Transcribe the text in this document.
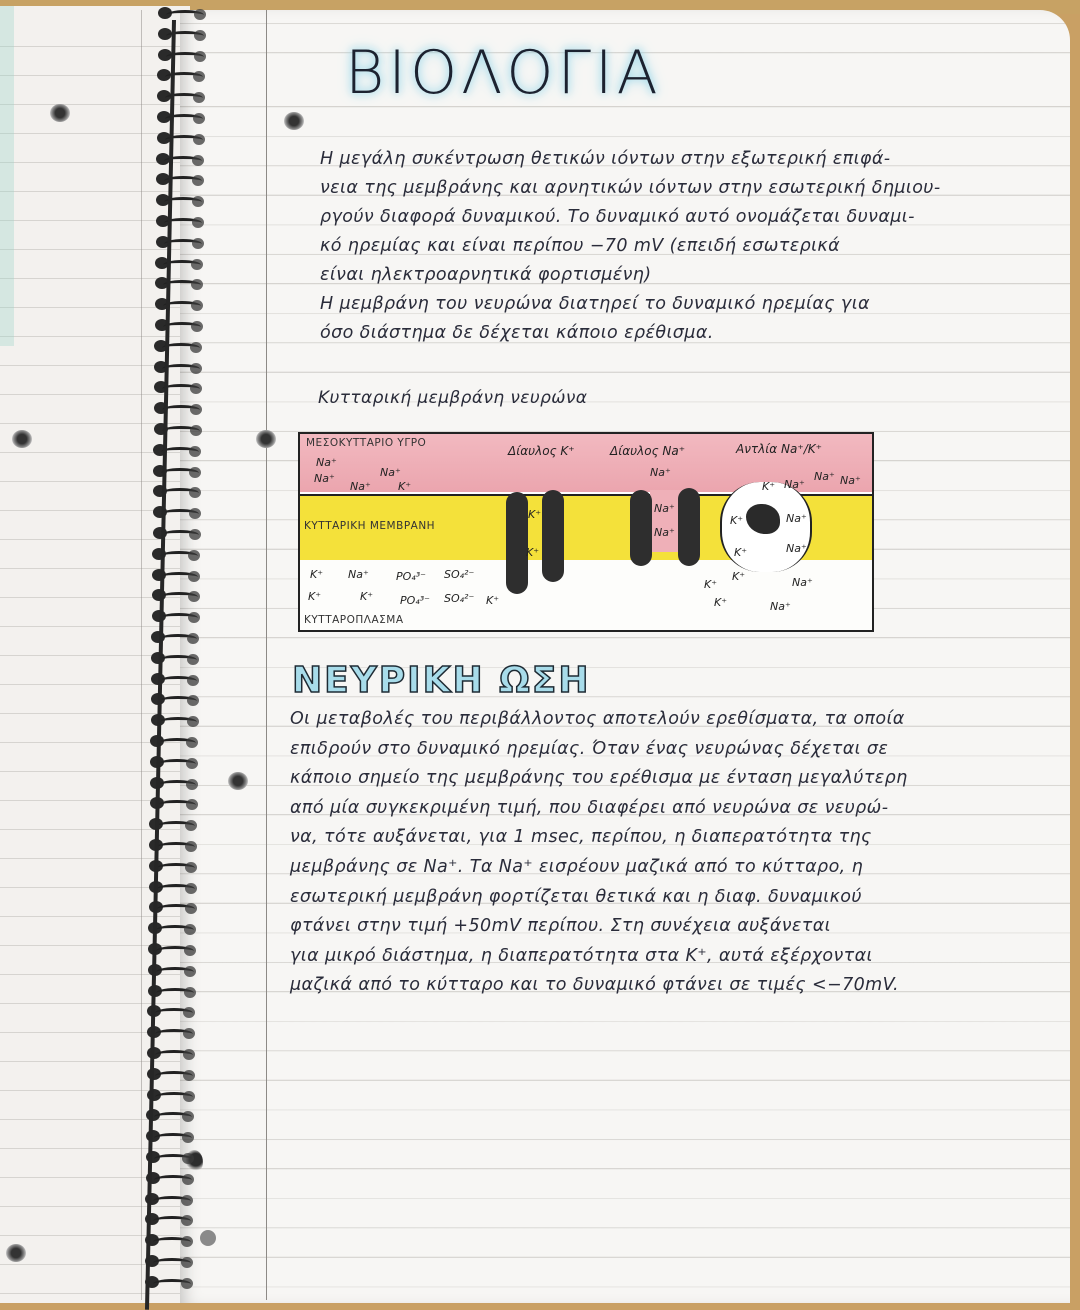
ΒΙΟΛΟΓΙΑ

Η μεγάλη συκέντρωση θετικών ιόντων στην εξωτερική επιφά-

νεια της μεμβράνης και αρνητικών ιόντων στην εσωτερική δημιου-

ργούν διαφορά δυναμικού. Το δυναμικό αυτό ονομάζεται δυναμι-

κό ηρεμίας και είναι περίπου −70 mV (επειδή εσωτερικά

είναι ηλεκτροαρνητικά φορτισμένη)

Η μεμβράνη του νευρώνα διατηρεί το δυναμικό ηρεμίας για

όσο διάστημα δε δέχεται κάποιο ερέθισμα.

Κυτταρική μεμβράνη νευρώνα
ΜΕΣΟΚΥΤΤΑΡΙΟ ΥΓΡΟ
ΚΥΤΤΑΡΙΚΗ ΜΕΜΒΡΑΝΗ
ΚΥΤΤΑΡΟΠΛΑΣΜΑ
Δίαυλος K⁺	Δίαυλος Na⁺	Αντλία Na⁺/K⁺
Na⁺
Na⁺
Na⁺
Na⁺
K⁺
K⁺ Na⁺ PO₄³⁻ SO₄²⁻
K⁺	K⁺ PO₄³⁻ SO₄²⁻ K⁺
K⁺
K⁺
Na⁺
Na⁺
Na⁺
K⁺ Na⁺
Na⁺ Na⁺
K⁺	Na⁺
Na⁺
K⁺
K⁺
K⁺
K⁺
Na⁺
Na⁺
ΝΕΥΡΙΚΗ ΩΣΗ

Οι μεταβολές του περιβάλλοντος αποτελούν ερεθίσματα, τα οποία

επιδρούν στο δυναμικό ηρεμίας. Όταν ένας νευρώνας δέχεται σε

κάποιο σημείο της μεμβράνης του ερέθισμα με ένταση μεγαλύτερη

από μία συγκεκριμένη τιμή, που διαφέρει από νευρώνα σε νευρώ-

να, τότε αυξάνεται, για 1 msec, περίπου, η διαπερατότητα της

μεμβράνης σε Na⁺. Τα Na⁺ εισρέουν μαζικά από το κύτταρο, η

εσωτερική μεμβράνη φορτίζεται θετικά και η διαφ. δυναμικού

φτάνει στην τιμή +50mV περίπου. Στη συνέχεια αυξάνεται

για μικρό διάστημα, η διαπερατότητα στα K⁺, αυτά εξέρχονται

μαζικά από το κύτταρο και το δυναμικό φτάνει σε τιμές <−70mV.
